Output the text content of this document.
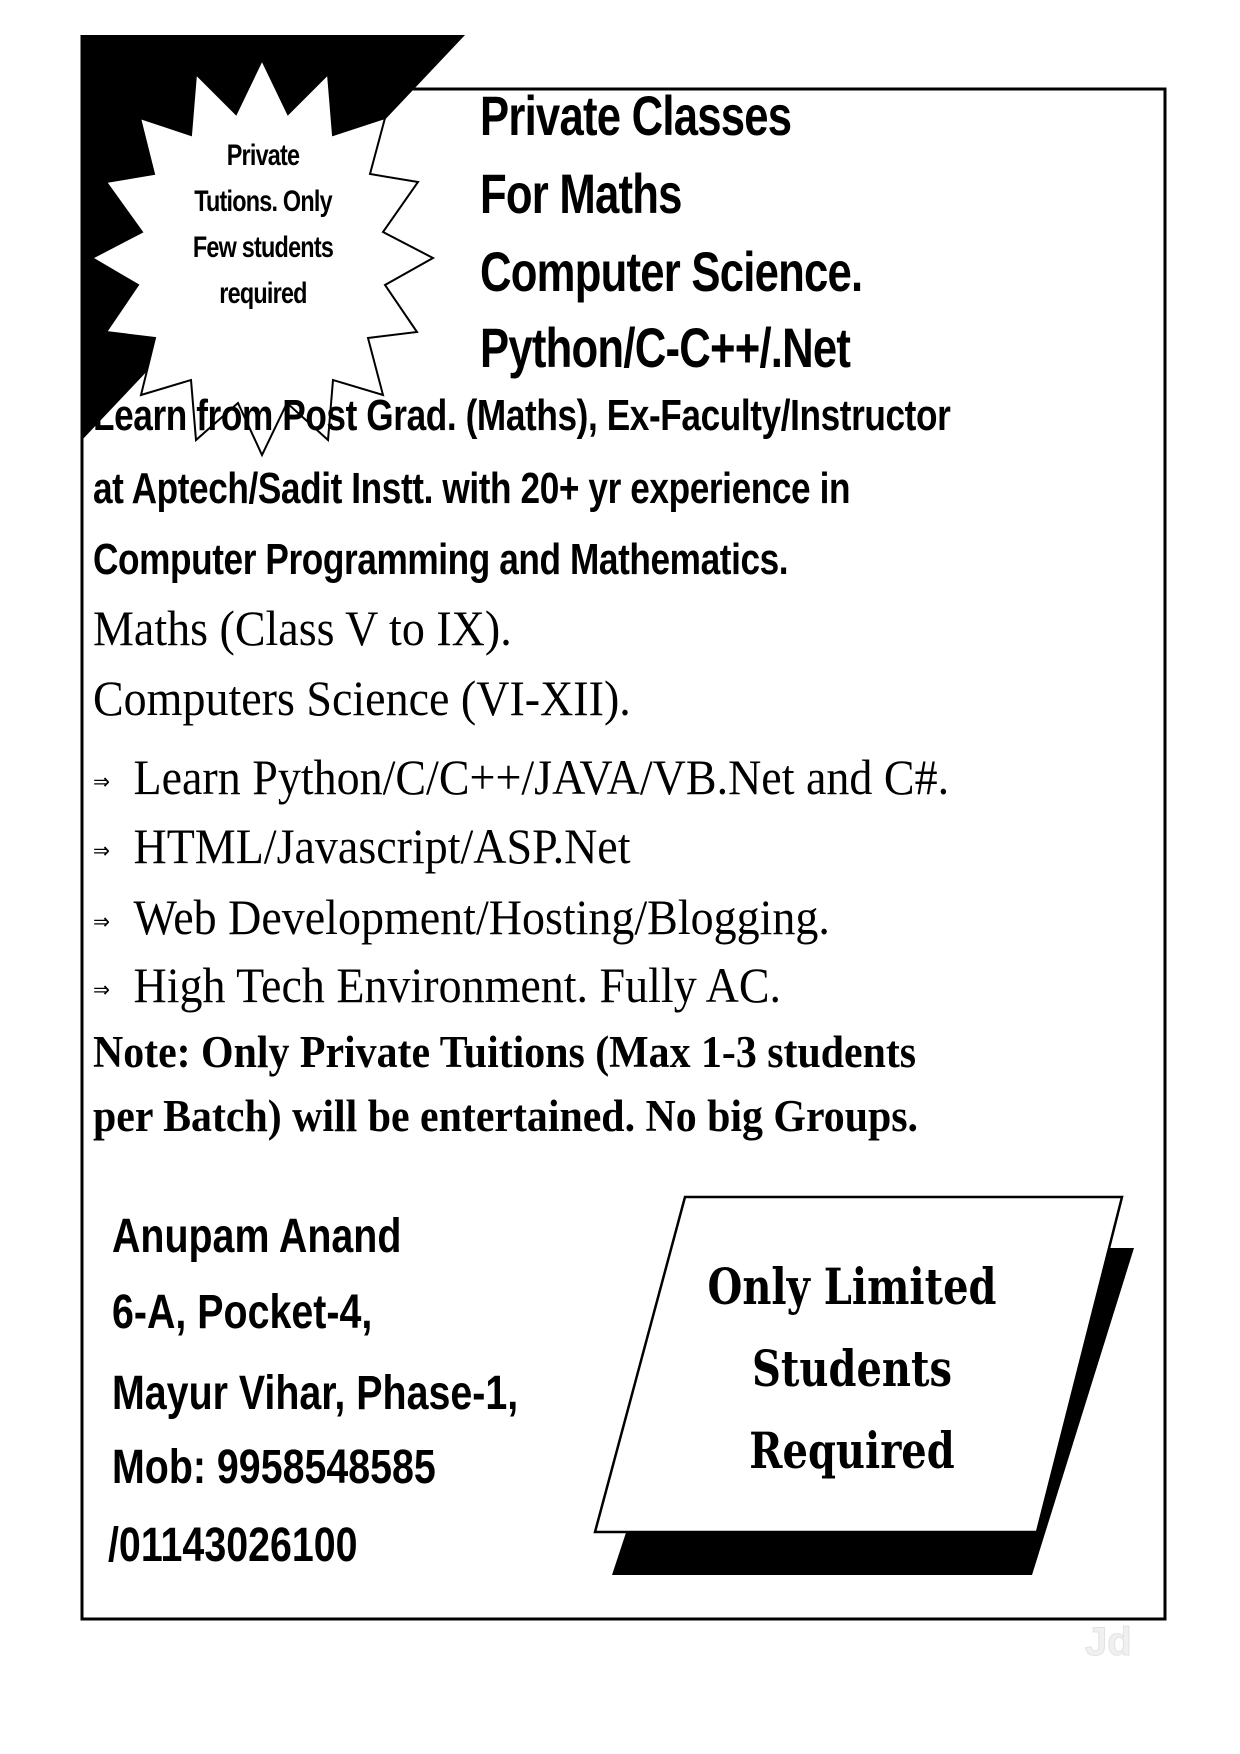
Private
Tutions. Only
Few students
required
Private Classes
For Maths
Computer Science.
Python/C-C++/.Net
Learn from Post Grad. (Maths), Ex-Faculty/Instructor
at Aptech/Sadit Instt. with 20+ yr experience in
Computer Programming and Mathematics.
Maths (Class V to IX).
Computers Science (VI-XII).
⇒ Learn Python/C/C++/JAVA/VB.Net and C#.
⇒ HTML/Javascript/ASP.Net
⇒ Web Development/Hosting/Blogging.
⇒ High Tech Environment. Fully AC.
Note: Only Private Tuitions (Max 1-3 students
per Batch) will be entertained. No big Groups.
Anupam Anand
6-A, Pocket-4,
Mayur Vihar, Phase-1,
Mob: 9958548585
/01143026100
Only Limited
Students
Required
Jd
